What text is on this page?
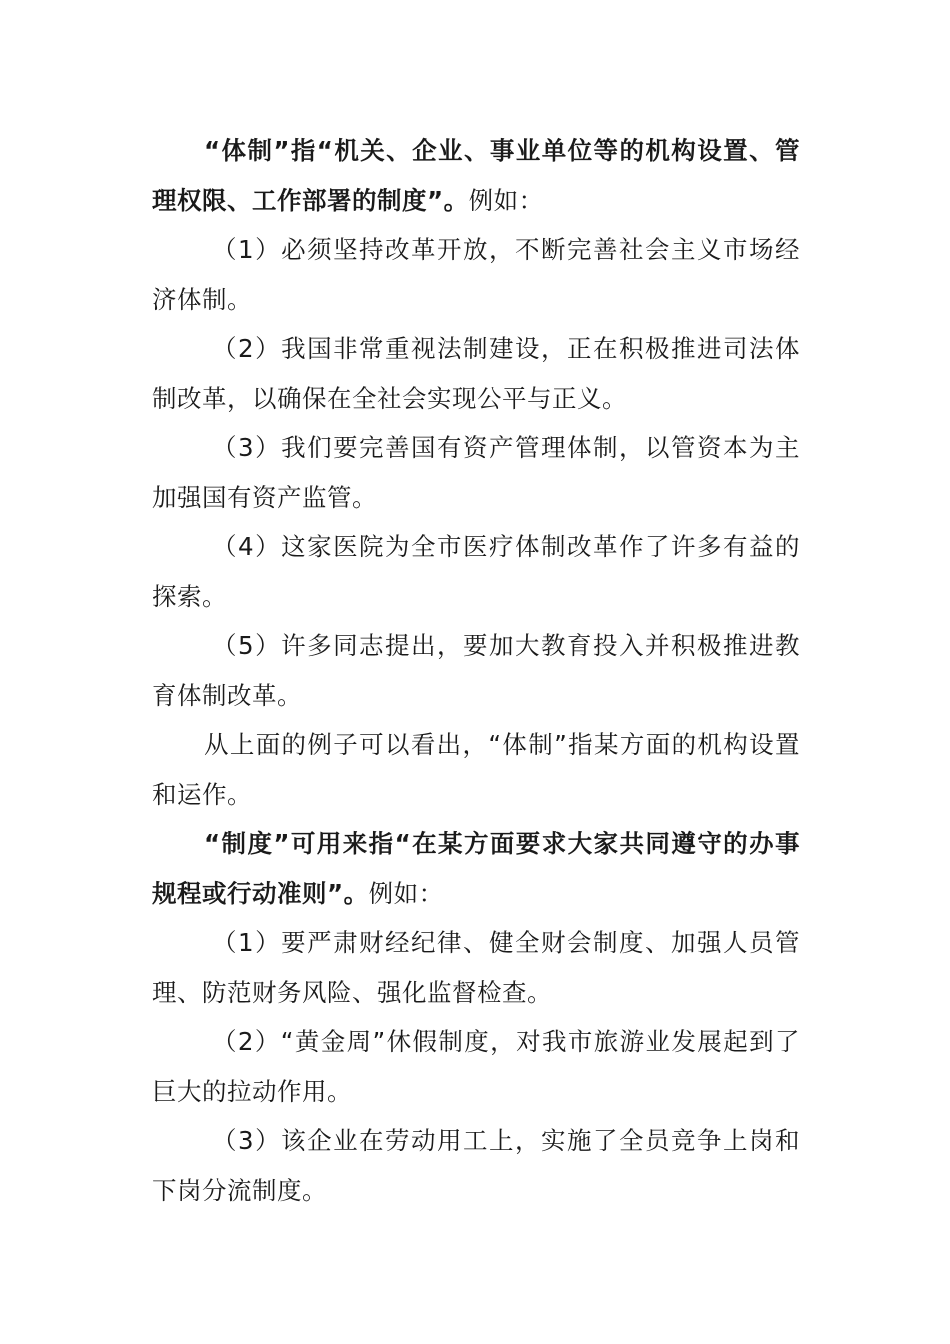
“体制”指“机关、企业、事业单位等的机构设置、管理权限、工作部署的制度”。例如：

（1）必须坚持改革开放，不断完善社会主义市场经济体制。

（2）我国非常重视法制建设，正在积极推进司法体制改革，以确保在全社会实现公平与正义。

（3）我们要完善国有资产管理体制，以管资本为主加强国有资产监管。

（4）这家医院为全市医疗体制改革作了许多有益的探索。

（5）许多同志提出，要加大教育投入并积极推进教育体制改革。

从上面的例子可以看出，“体制”指某方面的机构设置和运作。

“制度”可用来指“在某方面要求大家共同遵守的办事规程或行动准则”。例如：

（1）要严肃财经纪律、健全财会制度、加强人员管理、防范财务风险、强化监督检查。

（2）“黄金周”休假制度，对我市旅游业发展起到了巨大的拉动作用。

（3）该企业在劳动用工上，实施了全员竞争上岗和下岗分流制度。
